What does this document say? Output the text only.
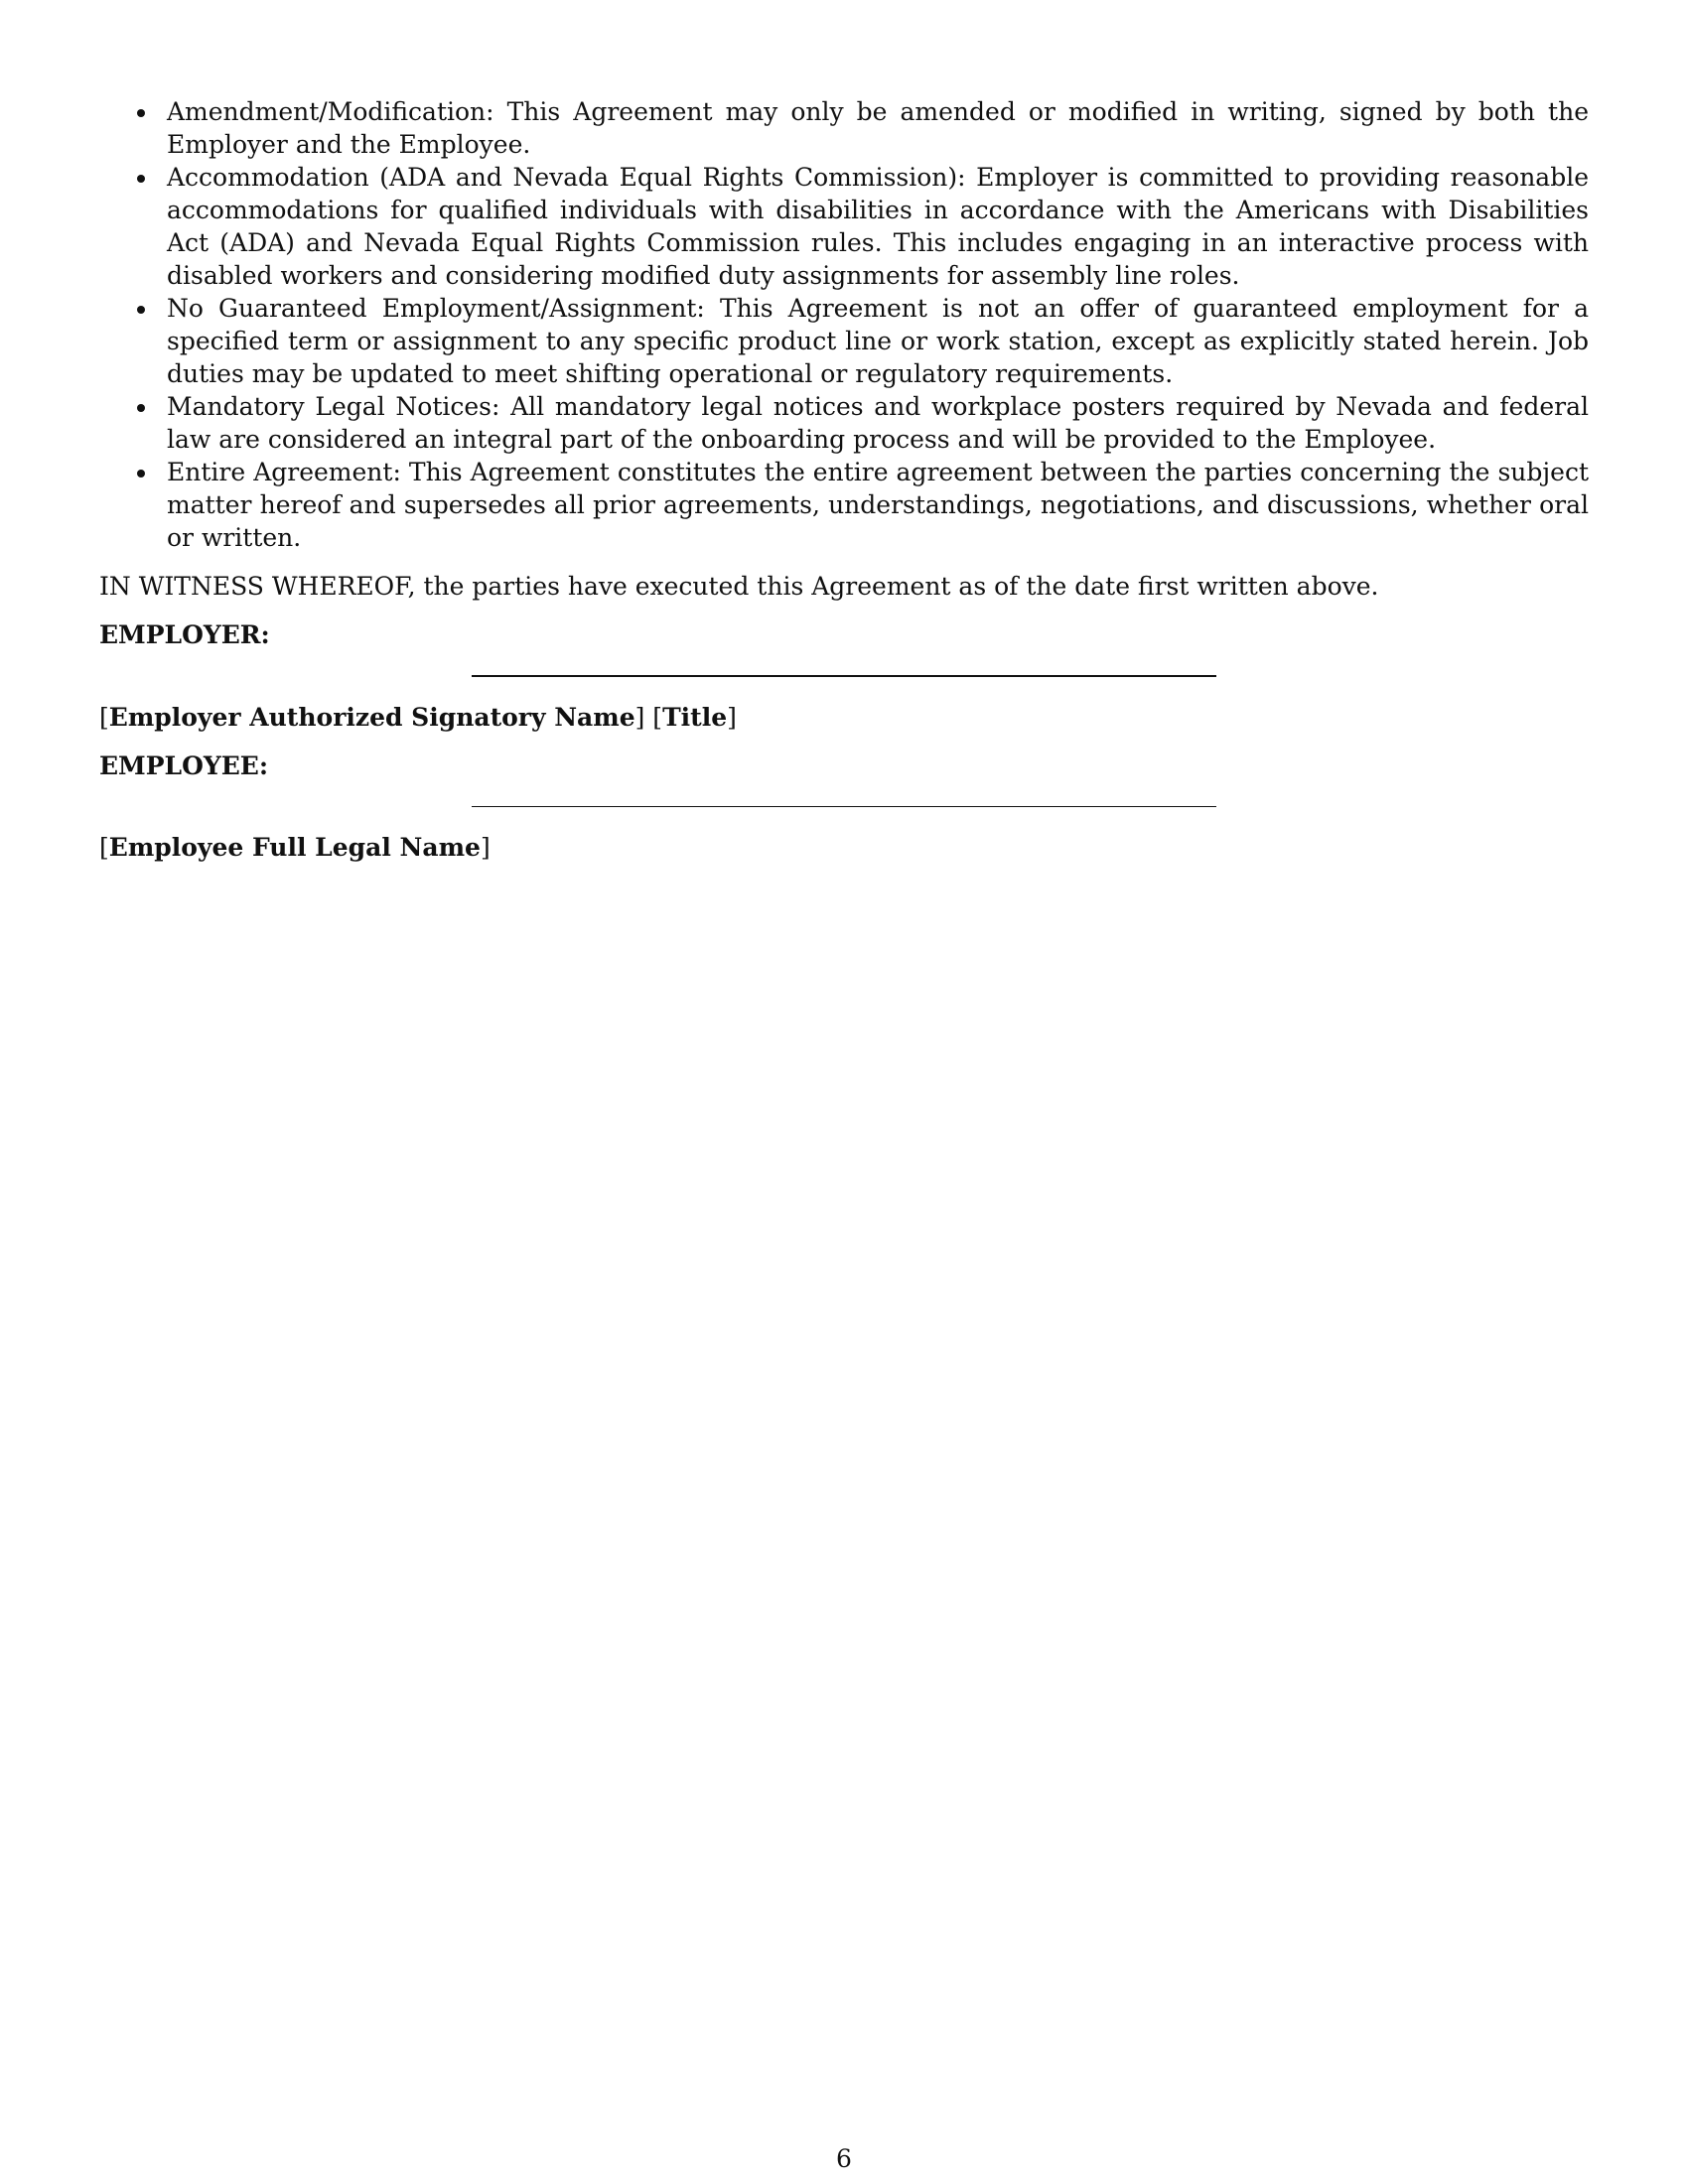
Amendment/Modification: This Agreement may only be amended or modified in writing, signed by both the Employer and the Employee.
Accommodation (ADA and Nevada Equal Rights Commission): Employer is committed to providing reasonable accommodations for qualified individuals with disabilities in accordance with the Americans with Disabilities Act (ADA) and Nevada Equal Rights Commission rules. This includes engaging in an interactive process with disabled workers and considering modified duty assignments for assembly line roles.
No Guaranteed Employment/Assignment: This Agreement is not an offer of guaranteed employment for a specified term or assignment to any specific product line or work station, except as explicitly stated herein. Job duties may be updated to meet shifting operational or regulatory requirements.
Mandatory Legal Notices: All mandatory legal notices and workplace posters required by Nevada and federal law are considered an integral part of the onboarding process and will be provided to the Employee.
Entire Agreement: This Agreement constitutes the entire agreement between the parties concerning the subject matter hereof and supersedes all prior agreements, understandings, negotiations, and discussions, whether oral or written.
IN WITNESS WHEREOF, the parties have executed this Agreement as of the date first written above.
EMPLOYER:
[Employer Authorized Signatory Name] [Title]
EMPLOYEE:
[Employee Full Legal Name]
6
